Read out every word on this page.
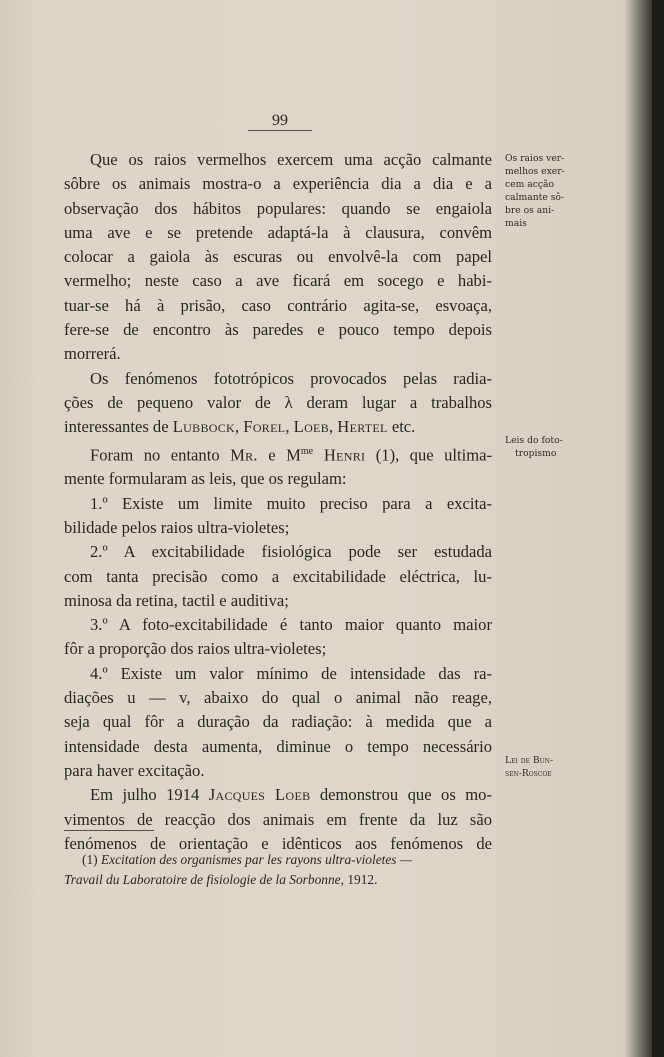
99

Que os raios vermelhos exercem uma acção calmante
sôbre os animais mostra-o a experiência dia a dia e a
observação dos hábitos populares: quando se engaiola
uma ave e se pretende adaptá-la à clausura, convêm
colocar a gaiola às escuras ou envolvê-la com papel
vermelho; neste caso a ave ficará em socego e habi-
tuar-se há à prisão, caso contrário agita-se, esvoaça,
fere-se de encontro às paredes e pouco tempo depois
morrerá.

Os fenómenos fototrópicos provocados pelas radia-
ções de pequeno valor de λ deram lugar a trabalhos
interessantes de Lubbock, Forel, Loeb, Hertel etc.

Foram no entanto Mr. e $M^{me}$ Henri (1), que ultima-
mente formularam as leis, que os regulam:

1.º Existe um limite muito preciso para a excita-
bilidade pelos raios ultra-violetes;

2.º A excitabilidade fisiológica pode ser estudada
com tanta precisão como a excitabilidade eléctrica, lu-
minosa da retina, tactil e auditiva;

3.º A foto-excitabilidade é tanto maior quanto maior
fôr a proporção dos raios ultra-violetes;

4.º Existe um valor mínimo de intensidade das ra-
diações u — v, abaixo do qual o animal não reage,
seja qual fôr a duração da radiação: à medida que a
intensidade desta aumenta, diminue o tempo necessário
para haver excitação.

Em julho 1914 Jacques Loeb demonstrou que os mo-
vimentos de reacção dos animais em frente da luz são
fenómenos de orientação e idênticos aos fenómenos de

Os raios ver-
melhos exer-
cem acção
calmante sô-
bre os ani-
mais
Leis do foto-
tropismo
Lei de Bun-
sen-Roscoe
(1) Excitation des organismes par les rayons ultra-violetes —
Travail du Laboratoire de fisiologie de la Sorbonne, 1912.
